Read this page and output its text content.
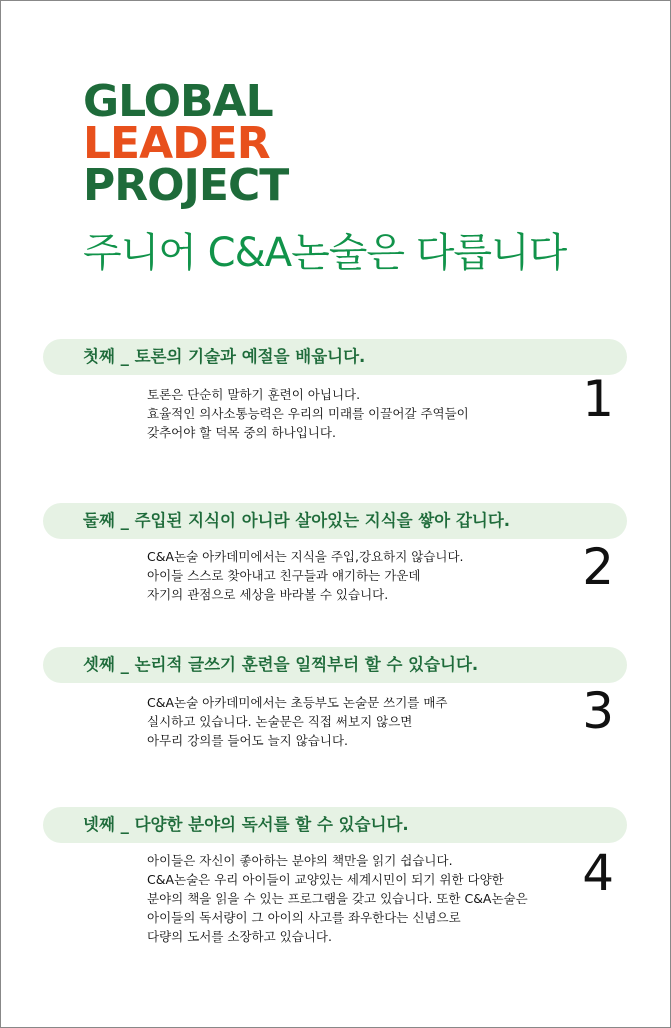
GLOBAL
LEADER
PROJECT
주니어 C&A논술은 다릅니다
첫째 _ 토론의 기술과 예절을 배웁니다.
토론은 단순히 말하기 훈련이 아닙니다.
효율적인 의사소통능력은 우리의 미래를 이끌어갈 주역들이
갖추어야 할 덕목 중의 하나입니다.
1
둘째 _ 주입된 지식이 아니라 살아있는 지식을 쌓아 갑니다.
C&A논술 아카데미에서는 지식을 주입,강요하지 않습니다.
아이들 스스로 찾아내고 친구들과 얘기하는 가운데
자기의 관점으로 세상을 바라볼 수 있습니다.	2
셋째 _ 논리적 글쓰기 훈련을 일찍부터 할 수 있습니다.
C&A논술 아카데미에서는 초등부도 논술문 쓰기를 매주
실시하고 있습니다. 논술문은 직접 써보지 않으면
아무리 강의를 들어도 늘지 않습니다.
3
넷째 _ 다양한 분야의 독서를 할 수 있습니다.
아이들은 자신이 좋아하는 분야의 책만을 읽기 쉽습니다.
C&A논술은 우리 아이들이 교양있는 세계시민이 되기 위한 다양한
분야의 책을 읽을 수 있는 프로그램을 갖고 있습니다. 또한 C&A논술은
아이들의 독서량이 그 아이의 사고를 좌우한다는 신념으로
다량의 도서를 소장하고 있습니다.
4
